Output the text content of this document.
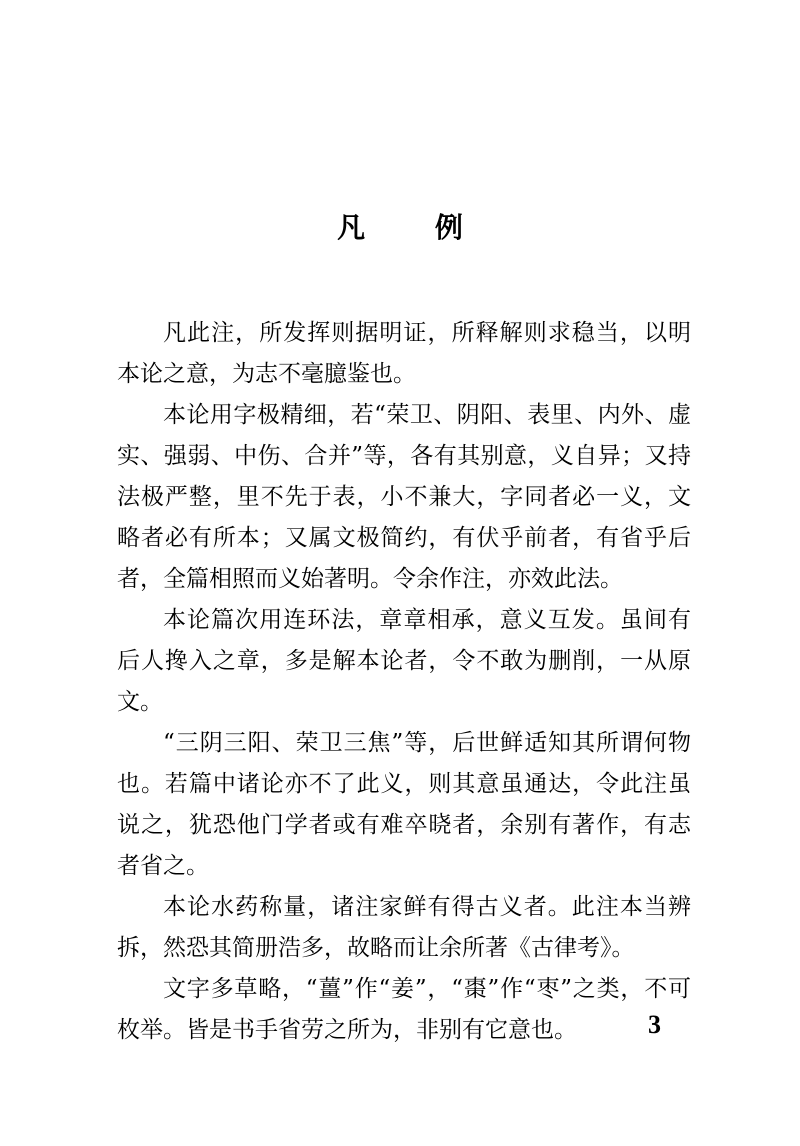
凡 例

凡此注，所发挥则据明证，所释解则求稳当，以明本论之意，为志不毫臆鉴也。

本论用字极精细，若“荣卫、阴阳、表里、内外、虚实、强弱、中伤、合并”等，各有其别意，义自异；又持法极严整，里不先于表，小不兼大，字同者必一义，文略者必有所本；又属文极简约，有伏乎前者，有省乎后者，全篇相照而义始著明。令余作注，亦效此法。

本论篇次用连环法，章章相承，意义互发。虽间有后人搀入之章，多是解本论者，令不敢为删削，一从原文。

“三阴三阳、荣卫三焦”等，后世鲜适知其所谓何物也。若篇中诸论亦不了此义，则其意虽通达，令此注虽说之，犹恐他门学者或有难卒晓者，余别有著作，有志者省之。

本论水药称量，诸注家鲜有得古义者。此注本当辨拆，然恐其简册浩多，故略而让余所著《古律考》。

文字多草略，“薑”作“姜”，“棗”作“枣”之类，不可枚举。皆是书手省劳之所为，非别有它意也。	3
